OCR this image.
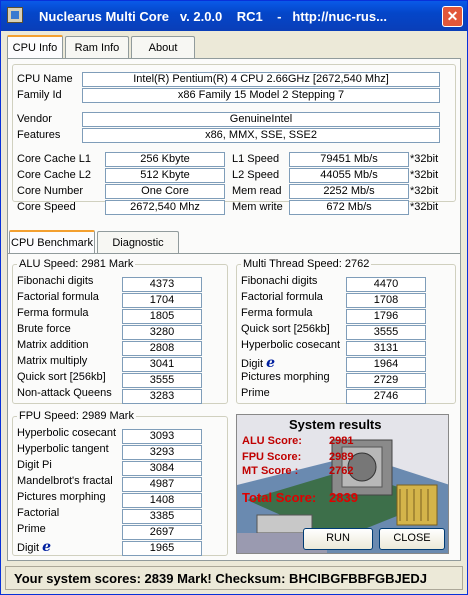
Nuclearus Multi Core   v. 2.0.0    RC1    -   http://nuc-rus...	✕
CPU Info	Ram Info	About
CPU Name	Intel(R) Pentium(R) 4 CPU 2.66GHz [2672,540 Mhz]
Family Id	x86 Family 15 Model 2 Stepping 7
Vendor	GenuineIntel
Features	x86, MMX, SSE, SSE2
Core Cache L1	256 Kbyte
Core Cache L2	512 Kbyte
Core Number	One Core
Core Speed	2672,540 Mhz
L1 Speed	79451 Mb/s	*32bit
L2 Speed	44055 Mb/s	*32bit
Mem read	2252 Mb/s	*32bit
Mem write	672 Mb/s	*32bit
CPU Benchmark	Diagnostic
ALU Speed: 2981 Mark	Multi Thread Speed: 2762
FPU Speed: 2989 Mark
Fibonachi digits	4373
Factorial formula	1704
Ferma formula	1805
Brute force	3280
Matrix addition	2808
Matrix multiply	3041
Quick sort [256kb]	3555
Non-attack Queens	3283
Fibonachi digits	4470
Factorial formula	1708
Ferma formula	1796
Quick sort [256kb]	3555
Hyperbolic cosecant	3131
Digit e	1964
Pictures morphing	2729
Prime	2746
Hyperbolic cosecant	3093
Hyperbolic tangent	3293
Digit Pi	3084
Mandelbrot's fractal	4987
Pictures morphing	1408
Factorial	3385
Prime	2697
Digit e	1965
System results
ALU Score: 2981
FPU Score:	2989
MT Score :	2762
Total Score: 2839
RUN	CLOSE
Your system scores: 2839 Mark! Checksum: BHCIBGFBBFGBJEDJ
